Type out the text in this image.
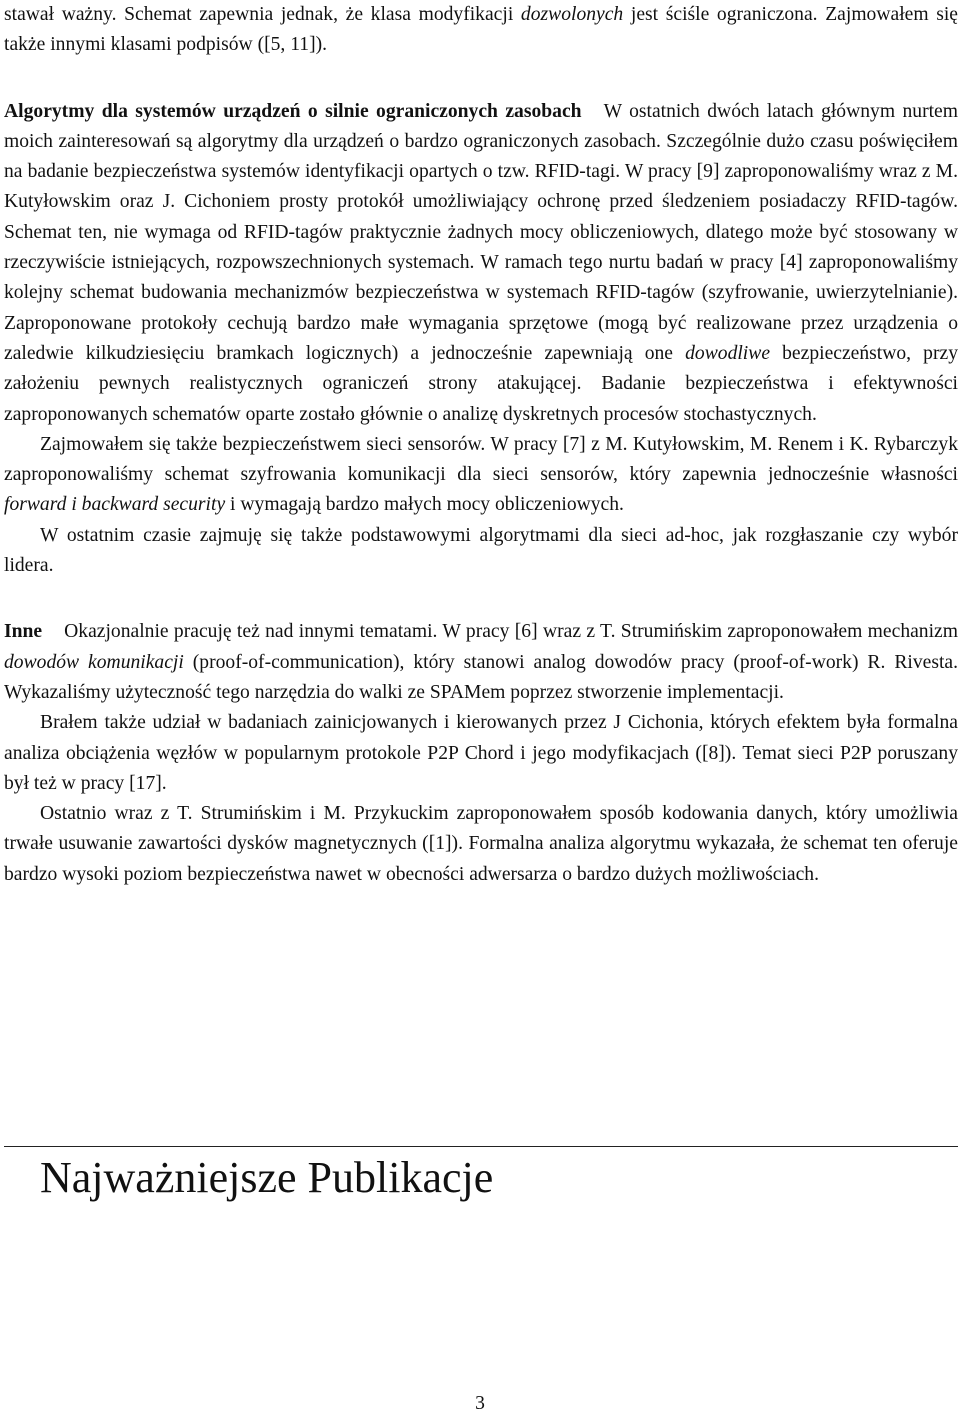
stawał ważny. Schemat zapewnia jednak, że klasa modyfikacji dozwolonych jest ściśle ograniczona. Zajmowałem się także innymi klasami podpisów ([5, 11]).

Algorytmy dla systemów urządzeń o silnie ograniczonych zasobach W ostatnich dwóch latach głównym nurtem moich zainteresowań są algorytmy dla urządzeń o bardzo ograniczonych zasobach. Szczególnie dużo czasu poświęciłem na badanie bezpieczeństwa systemów identyfikacji opartych o tzw. RFID-tagi. W pracy [9] zaproponowaliśmy wraz z M. Kutyłowskim oraz J. Cichoniem prosty protokół umożliwiający ochronę przed śledzeniem posiadaczy RFID-tagów. Schemat ten, nie wymaga od RFID-tagów praktycznie żadnych mocy obliczeniowych, dlatego może być stosowany w rzeczywiście istniejących, rozpowszechnionych systemach. W ramach tego nurtu badań w pracy [4] zaproponowaliśmy kolejny schemat budowania mechanizmów bezpieczeństwa w systemach RFID-tagów (szyfrowanie, uwierzytelnianie). Zaproponowane protokoły cechują bardzo małe wymagania sprzętowe (mogą być realizowane przez urządzenia o zaledwie kilkudziesięciu bramkach logicznych) a jednocześnie zapewniają one dowodliwe bezpieczeństwo, przy założeniu pewnych realistycznych ograniczeń strony atakującej. Badanie bezpieczeństwa i efektywności zaproponowanych schematów oparte zostało głównie o analizę dyskretnych procesów stochastycznych.

Zajmowałem się także bezpieczeństwem sieci sensorów. W pracy [7] z M. Kutyłowskim, M. Renem i K. Rybarczyk zaproponowaliśmy schemat szyfrowania komunikacji dla sieci sensorów, który zapewnia jednocześnie własności forward i backward security i wymagają bardzo małych mocy obliczeniowych.

W ostatnim czasie zajmuję się także podstawowymi algorytmami dla sieci ad-hoc, jak rozgłaszanie czy wybór lidera.

Inne Okazjonalnie pracuję też nad innymi tematami. W pracy [6] wraz z T. Strumińskim zaproponowałem mechanizm dowodów komunikacji (proof-of-communication), który stanowi analog dowodów pracy (proof-of-work) R. Rivesta. Wykazaliśmy użyteczność tego narzędzia do walki ze SPAMem poprzez stworzenie implementacji.

Brałem także udział w badaniach zainicjowanych i kierowanych przez J Cichonia, których efektem była formalna analiza obciążenia węzłów w popularnym protokole P2P Chord i jego modyfikacjach ([8]). Temat sieci P2P poruszany był też w pracy [17].

Ostatnio wraz z T. Strumińskim i M. Przykuckim zaproponowałem sposób kodowania danych, który umożliwia trwałe usuwanie zawartości dysków magnetycznych ([1]). Formalna analiza algorytmu wykazała, że schemat ten oferuje bardzo wysoki poziom bezpieczeństwa nawet w obecności adwersarza o bardzo dużych możliwościach.

Najważniejsze Publikacje
3
